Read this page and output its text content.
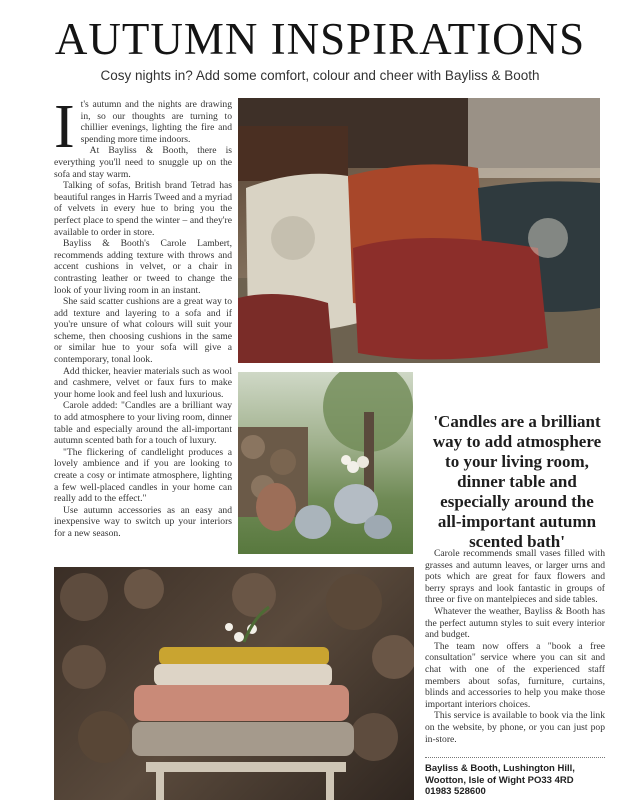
AUTUMN INSPIRATIONS
Cosy nights in? Add some comfort, colour and cheer with Bayliss & Booth
I t's autumn and the nights are drawing in, so our thoughts are turning to chillier evenings, lighting the fire and spending more time indoors.

At Bayliss & Booth, there is everything you'll need to snuggle up on the sofa and stay warm.

Talking of sofas, British brand Tetrad has beautiful ranges in Harris Tweed and a myriad of velvets in every hue to bring you the perfect place to spend the winter – and they're available to order in store.

Bayliss & Booth's Carole Lambert, recommends adding texture with throws and accent cushions in velvet, or a chair in contrasting leather or tweed to change the look of your living room in an instant.

She said scatter cushions are a great way to add texture and layering to a sofa and if you're unsure of what colours will suit your scheme, then choosing cushions in the same or similar hue to your sofa will give a contemporary, tonal look.

Add thicker, heavier materials such as wool and cashmere, velvet or faux furs to make your home look and feel lush and luxurious.

Carole added: "Candles are a brilliant way to add atmosphere to your living room, dinner table and especially around the all-important autumn scented bath for a touch of luxury.

"The flickering of candlelight produces a lovely ambience and if you are looking to create a cosy or intimate atmosphere, lighting a few well-placed candles in your home can really add to the effect."

Use autumn accessories as an easy and inexpensive way to switch up your interiors for a new season.

'Candles are a brilliant way to add atmosphere to your living room, dinner table and especially around the all-important autumn scented bath'

Carole recommends small vases filled with grasses and autumn leaves, or larger urns and pots which are great for faux flowers and berry sprays and look fantastic in groups of three or five on mantelpieces and side tables.

Whatever the weather, Bayliss & Booth has the perfect autumn styles to suit every interior and budget.

The team now offers a "book a free consultation" service where you can sit and chat with one of the experienced staff members about sofas, furniture, curtains, blinds and accessories to help you make those important interiors choices.

This service is available to book via the link on the website, by phone, or you can just pop in-store.

Bayliss & Booth, Lushington Hill,
Wootton, Isle of Wight PO33 4RD
01983 528600
